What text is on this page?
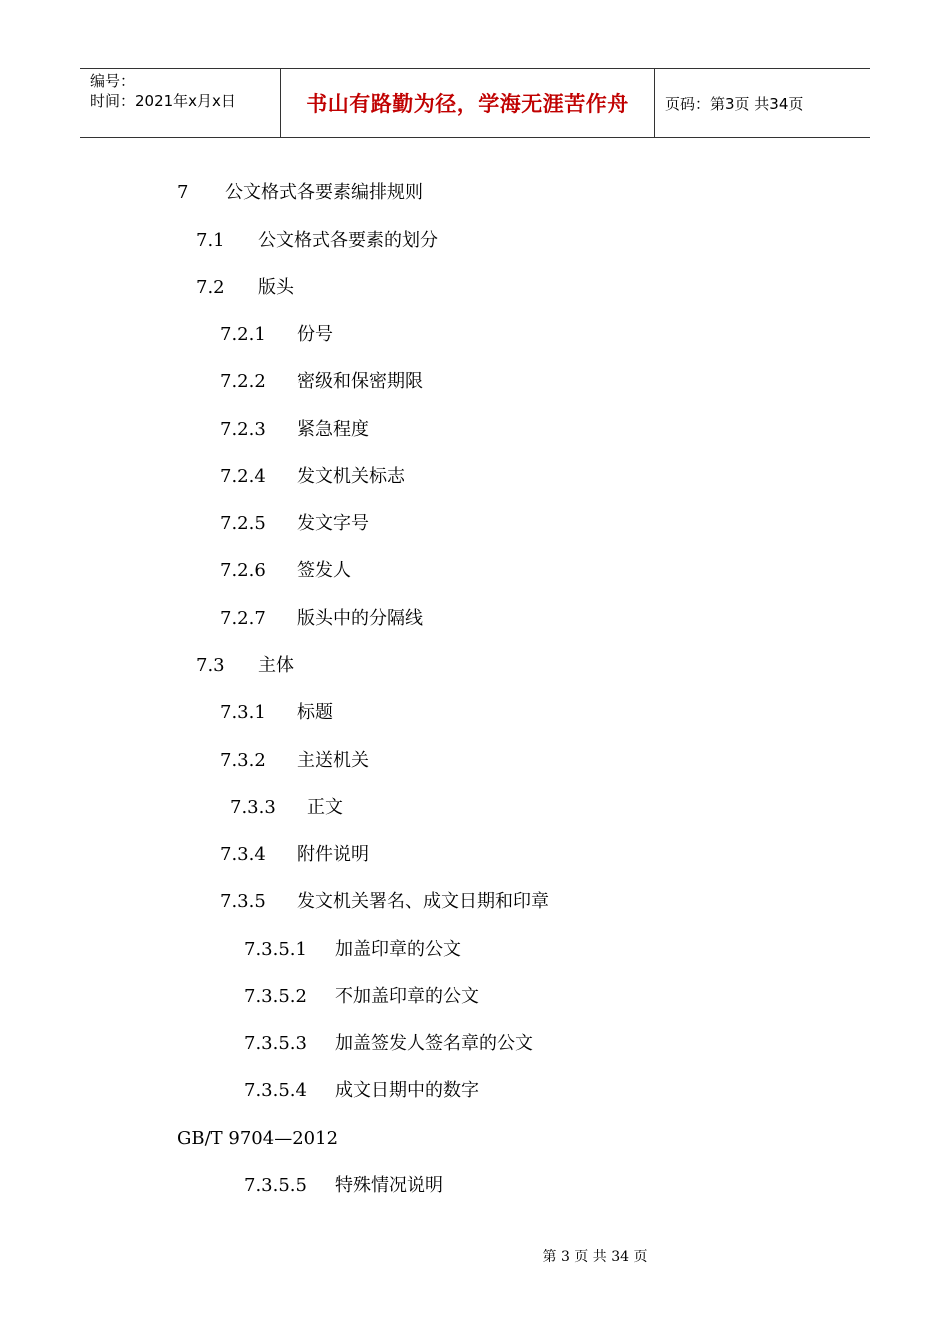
编号：
时间：2021年x月x日	书山有路勤为径，学海无涯苦作舟	页码：第3页 共34页
7 公文格式各要素编排规则
7.1 公文格式各要素的划分
7.2 版头
7.2.1 份号
7.2.2 密级和保密期限
7.2.3 紧急程度
7.2.4 发文机关标志
7.2.5 发文字号
7.2.6 签发人
7.2.7 版头中的分隔线
7.3 主体
7.3.1 标题
7.3.2 主送机关
7.3.3 正文
7.3.4 附件说明
7.3.5 发文机关署名、成文日期和印章
7.3.5.1 加盖印章的公文
7.3.5.2 不加盖印章的公文
7.3.5.3 加盖签发人签名章的公文
7.3.5.4 成文日期中的数字
GB/T 9704—2012
7.3.5.5 特殊情况说明
第 3 页 共 34 页
